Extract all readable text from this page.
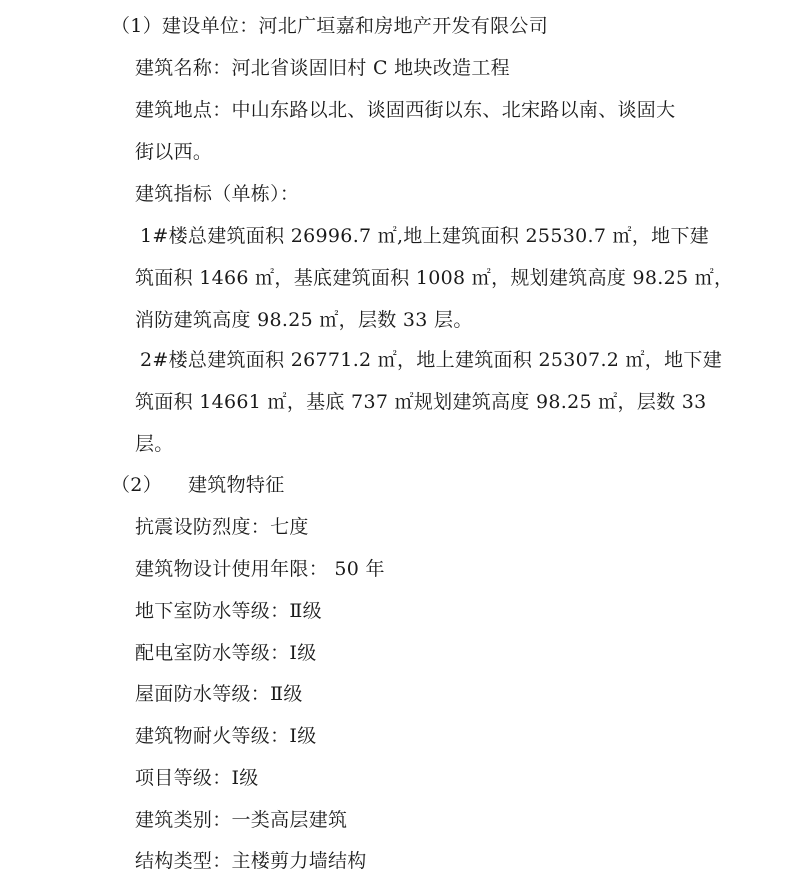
（1）建设单位：河北广垣嘉和房地产开发有限公司
建筑名称：河北省谈固旧村 C 地块改造工程
建筑地点：中山东路以北、谈固西街以东、北宋路以南、谈固大
街以西。
建筑指标（单栋）：
1#楼总建筑面积 26996.7 ㎡,地上建筑面积 25530.7 ㎡，地下建
筑面积 1466 ㎡，基底建筑面积 1008 ㎡，规划建筑高度 98.25 ㎡，
消防建筑高度 98.25 ㎡，层数 33 层。
2#楼总建筑面积 26771.2 ㎡，地上建筑面积 25307.2 ㎡，地下建
筑面积 14661 ㎡，基底 737 ㎡规划建筑高度 98.25 ㎡，层数 33
层。
（2） 建筑物特征
抗震设防烈度：七度
建筑物设计使用年限： 50 年
地下室防水等级：Ⅱ级
配电室防水等级：Ⅰ级
屋面防水等级：Ⅱ级
建筑物耐火等级：Ⅰ级
项目等级：Ⅰ级
建筑类别：一类高层建筑
结构类型：主楼剪力墙结构
